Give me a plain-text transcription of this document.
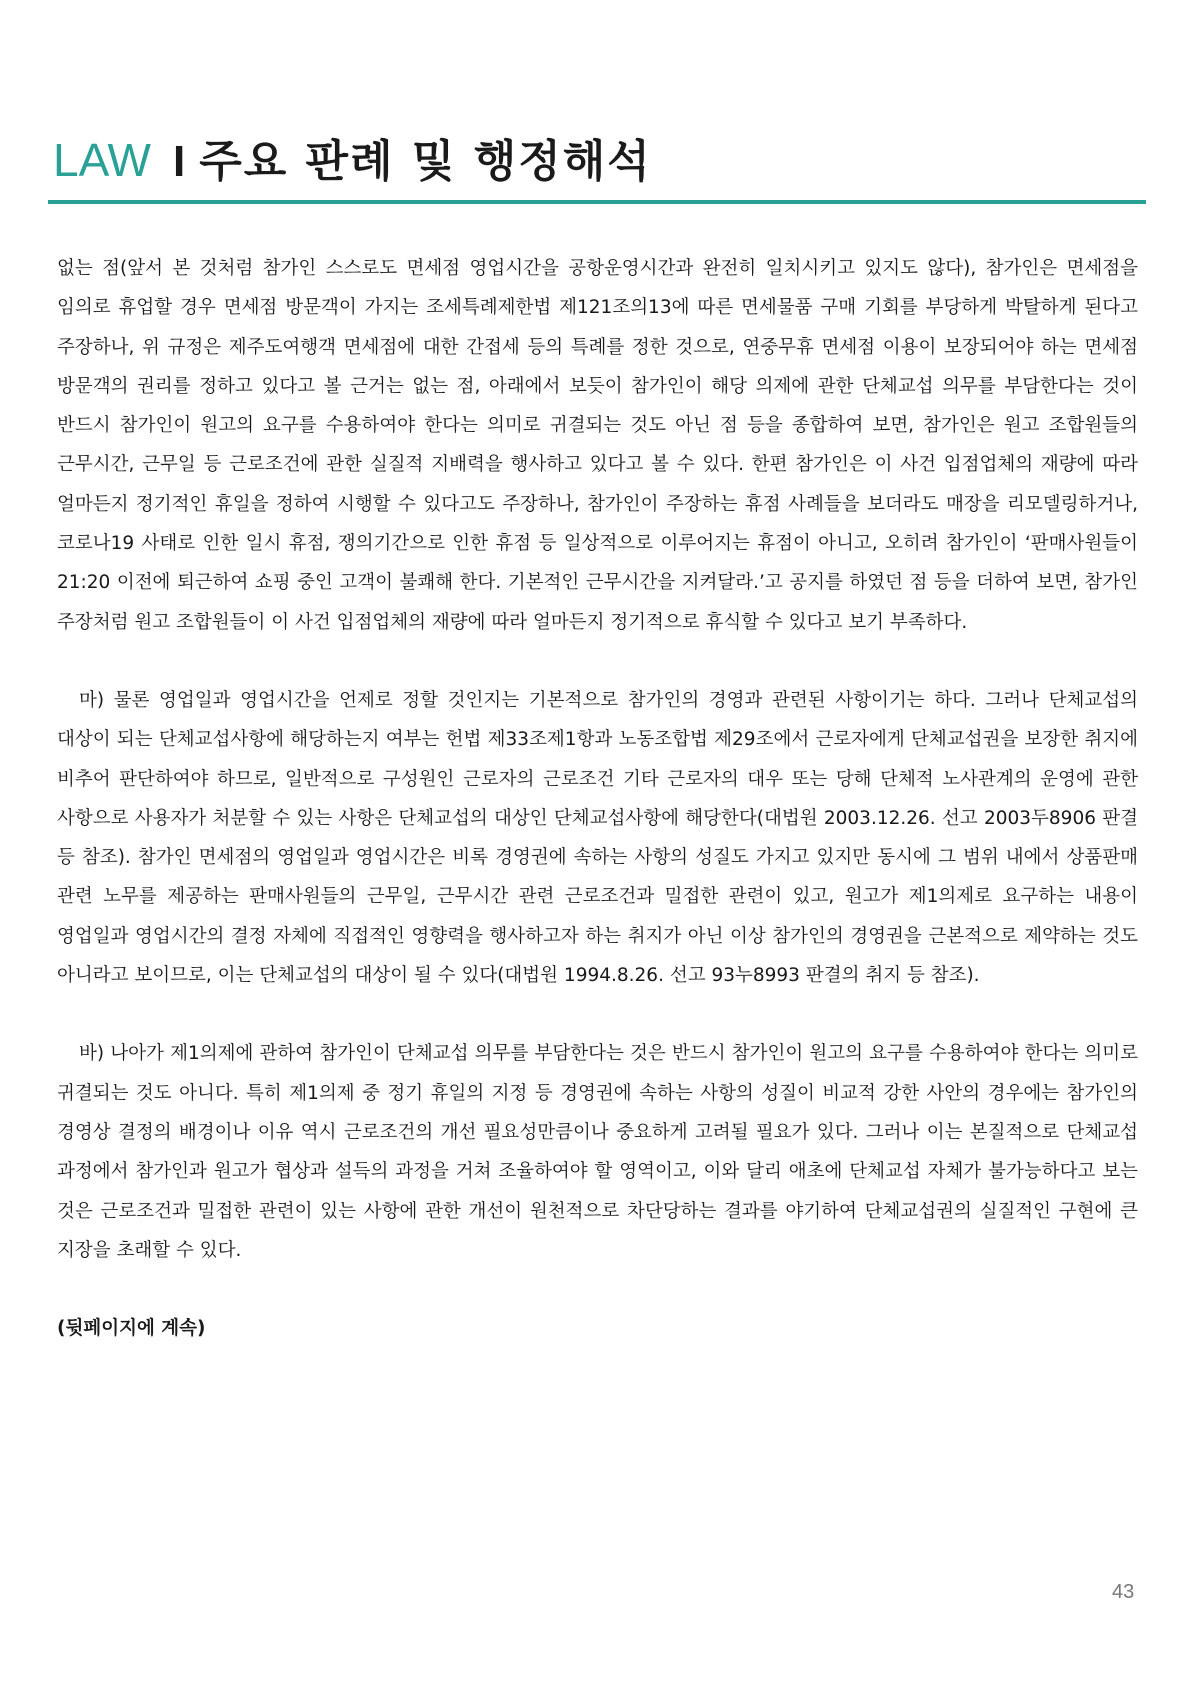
LAW I 주요 판례 및 행정해석

없는 점(앞서 본 것처럼 참가인 스스로도 면세점 영업시간을 공항운영시간과 완전히 일치시키고 있지도 않다), 참가인은 면세점을 임의로 휴업할 경우 면세점 방문객이 가지는 조세특례제한법 제121조의13에 따른 면세물품 구매 기회를 부당하게 박탈하게 된다고 주장하나, 위 규정은 제주도여행객 면세점에 대한 간접세 등의 특례를 정한 것으로, 연중무휴 면세점 이용이 보장되어야 하는 면세점 방문객의 권리를 정하고 있다고 볼 근거는 없는 점, 아래에서 보듯이 참가인이 해당 의제에 관한 단체교섭 의무를 부담한다는 것이 반드시 참가인이 원고의 요구를 수용하여야 한다는 의미로 귀결되는 것도 아닌 점 등을 종합하여 보면, 참가인은 원고 조합원들의 근무시간, 근무일 등 근로조건에 관한 실질적 지배력을 행사하고 있다고 볼 수 있다. 한편 참가인은 이 사건 입점업체의 재량에 따라 얼마든지 정기적인 휴일을 정하여 시행할 수 있다고도 주장하나, 참가인이 주장하는 휴점 사례들을 보더라도 매장을 리모델링하거나, 코로나19 사태로 인한 일시 휴점, 쟁의기간으로 인한 휴점 등 일상적으로 이루어지는 휴점이 아니고, 오히려 참가인이 ‘판매사원들이 21:20 이전에 퇴근하여 쇼핑 중인 고객이 불쾌해 한다. 기본적인 근무시간을 지켜달라.’고 공지를 하였던 점 등을 더하여 보면, 참가인 주장처럼 원고 조합원들이 이 사건 입점업체의 재량에 따라 얼마든지 정기적으로 휴식할 수 있다고 보기 부족하다.

마) 물론 영업일과 영업시간을 언제로 정할 것인지는 기본적으로 참가인의 경영과 관련된 사항이기는 하다. 그러나 단체교섭의 대상이 되는 단체교섭사항에 해당하는지 여부는 헌법 제33조제1항과 노동조합법 제29조에서 근로자에게 단체교섭권을 보장한 취지에 비추어 판단하여야 하므로, 일반적으로 구성원인 근로자의 근로조건 기타 근로자의 대우 또는 당해 단체적 노사관계의 운영에 관한 사항으로 사용자가 처분할 수 있는 사항은 단체교섭의 대상인 단체교섭사항에 해당한다(대법원 2003.12.26. 선고 2003두8906 판결 등 참조). 참가인 면세점의 영업일과 영업시간은 비록 경영권에 속하는 사항의 성질도 가지고 있지만 동시에 그 범위 내에서 상품판매 관련 노무를 제공하는 판매사원들의 근무일, 근무시간 관련 근로조건과 밀접한 관련이 있고, 원고가 제1의제로 요구하는 내용이 영업일과 영업시간의 결정 자체에 직접적인 영향력을 행사하고자 하는 취지가 아닌 이상 참가인의 경영권을 근본적으로 제약하는 것도 아니라고 보이므로, 이는 단체교섭의 대상이 될 수 있다(대법원 1994.8.26. 선고 93누8993 판결의 취지 등 참조).

바) 나아가 제1의제에 관하여 참가인이 단체교섭 의무를 부담한다는 것은 반드시 참가인이 원고의 요구를 수용하여야 한다는 의미로 귀결되는 것도 아니다. 특히 제1의제 중 정기 휴일의 지정 등 경영권에 속하는 사항의 성질이 비교적 강한 사안의 경우에는 참가인의 경영상 결정의 배경이나 이유 역시 근로조건의 개선 필요성만큼이나 중요하게 고려될 필요가 있다. 그러나 이는 본질적으로 단체교섭 과정에서 참가인과 원고가 협상과 설득의 과정을 거쳐 조율하여야 할 영역이고, 이와 달리 애초에 단체교섭 자체가 불가능하다고 보는 것은 근로조건과 밀접한 관련이 있는 사항에 관한 개선이 원천적으로 차단당하는 결과를 야기하여 단체교섭권의 실질적인 구현에 큰 지장을 초래할 수 있다.

(뒷페이지에 계속)
43
